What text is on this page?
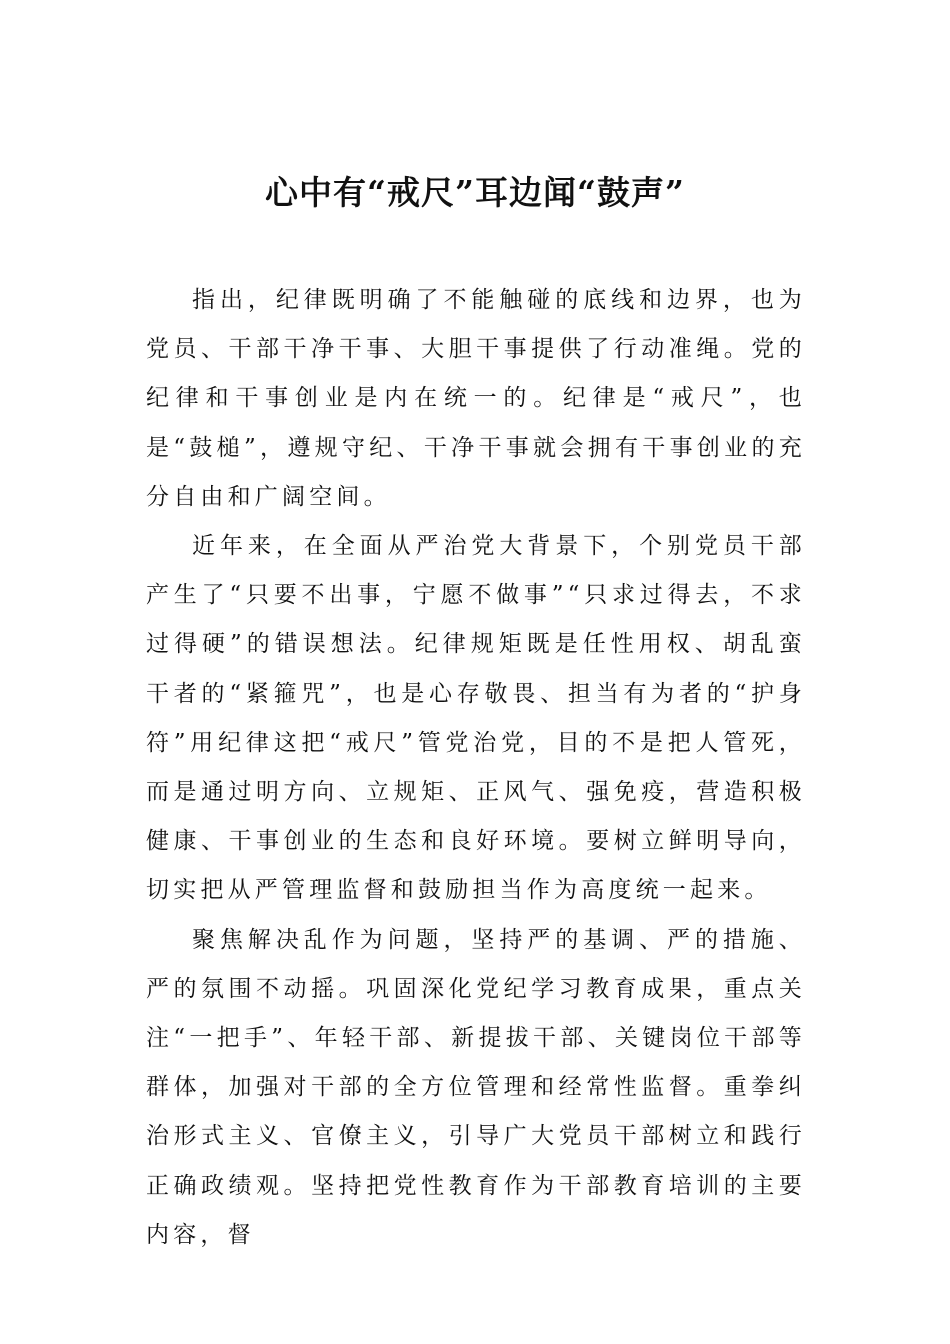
心中有“戒尺”耳边闻“鼓声”

指出，纪律既明确了不能触碰的底线和边界，也为党员、干部干净干事、大胆干事提供了行动准绳。党的纪律和干事创业是内在统一的。纪律是“戒尺”，也是“鼓槌”，遵规守纪、干净干事就会拥有干事创业的充分自由和广阔空间。

近年来，在全面从严治党大背景下，个别党员干部产生了“只要不出事，宁愿不做事”“只求过得去，不求过得硬”的错误想法。纪律规矩既是任性用权、胡乱蛮干者的“紧箍咒”，也是心存敬畏、担当有为者的“护身符”用纪律这把“戒尺”管党治党，目的不是把人管死，而是通过明方向、立规矩、正风气、强免疫，营造积极健康、干事创业的生态和良好环境。要树立鲜明导向，切实把从严管理监督和鼓励担当作为高度统一起来。

聚焦解决乱作为问题，坚持严的基调、严的措施、严的氛围不动摇。巩固深化党纪学习教育成果，重点关注“一把手”、年轻干部、新提拔干部、关键岗位干部等群体，加强对干部的全方位管理和经常性监督。重拳纠治形式主义、官僚主义，引导广大党员干部树立和践行正确政绩观。坚持把党性教育作为干部教育培训的主要内容，督
